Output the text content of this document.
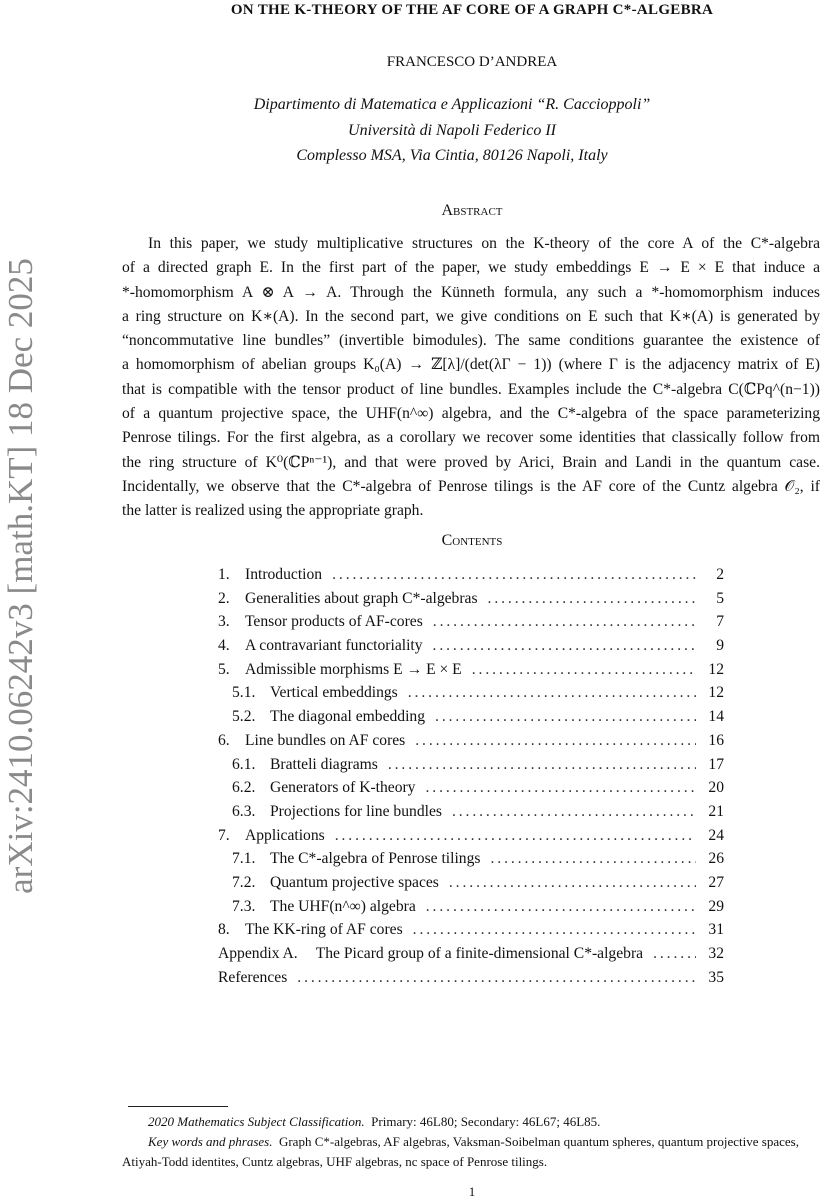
ON THE K-THEORY OF THE AF CORE OF A GRAPH C*-ALGEBRA
FRANCESCO D’ANDREA
Dipartimento di Matematica e Applicazioni “R. Caccioppoli”
Università di Napoli Federico II
Complesso MSA, Via Cintia, 80126 Napoli, Italy
Abstract
In this paper, we study multiplicative structures on the K-theory of the core A of the C*-algebra
of a directed graph E. In the first part of the paper, we study embeddings E → E × E that induce a
*-homomorphism A ⊗ A → A. Through the Künneth formula, any such a *-homomorphism induces
a ring structure on K∗(A). In the second part, we give conditions on E such that K∗(A) is generated by
“noncommutative line bundles” (invertible bimodules). The same conditions guarantee the existence of
a homomorphism of abelian groups K₀(A) → ℤ[λ]/(det(λΓ − 1)) (where Γ is the adjacency matrix of E)
that is compatible with the tensor product of line bundles. Examples include the C*-algebra C(ℂPq^(n−1))
of a quantum projective space, the UHF(n^∞) algebra, and the C*-algebra of the space parameterizing
Penrose tilings. For the first algebra, as a corollary we recover some identities that classically follow from
the ring structure of K⁰(ℂPⁿ⁻¹), and that were proved by Arici, Brain and Landi in the quantum case.
Incidentally, we observe that the C*-algebra of Penrose tilings is the AF core of the Cuntz algebra 𝒪₂, if
the latter is realized using the appropriate graph.
Contents
1. Introduction . . .	2
2. Generalities about graph C*-algebras . . .	5
3. Tensor products of AF-cores . . .	7
4. A contravariant functoriality . . .	9
5. Admissible morphisms E → E × E . . .	12
5.1. Vertical embeddings . . .	12
5.2. The diagonal embedding . . .	14
6. Line bundles on AF cores . . .	16
6.1. Bratteli diagrams . . .	17
6.2. Generators of K-theory . . .	20
6.3. Projections for line bundles . . .	21
7. Applications . . .	24
7.1. The C*-algebra of Penrose tilings . . .	26
7.2. Quantum projective spaces . . .	27
7.3. The UHF(n^∞) algebra . . .	29
8. The KK-ring of AF cores . . .	31
Appendix A. The Picard group of a finite-dimensional C*-algebra . . .	32
References . . .	35
arXiv:2410.06242v3 [math.KT] 18 Dec 2025
2020 Mathematics Subject Classification. Primary: 46L80; Secondary: 46L67; 46L85.
Key words and phrases. Graph C*-algebras, AF algebras, Vaksman-Soibelman quantum spheres, quantum projective spaces, Atiyah-Todd identites, Cuntz algebras, UHF algebras, nc space of Penrose tilings.
1
